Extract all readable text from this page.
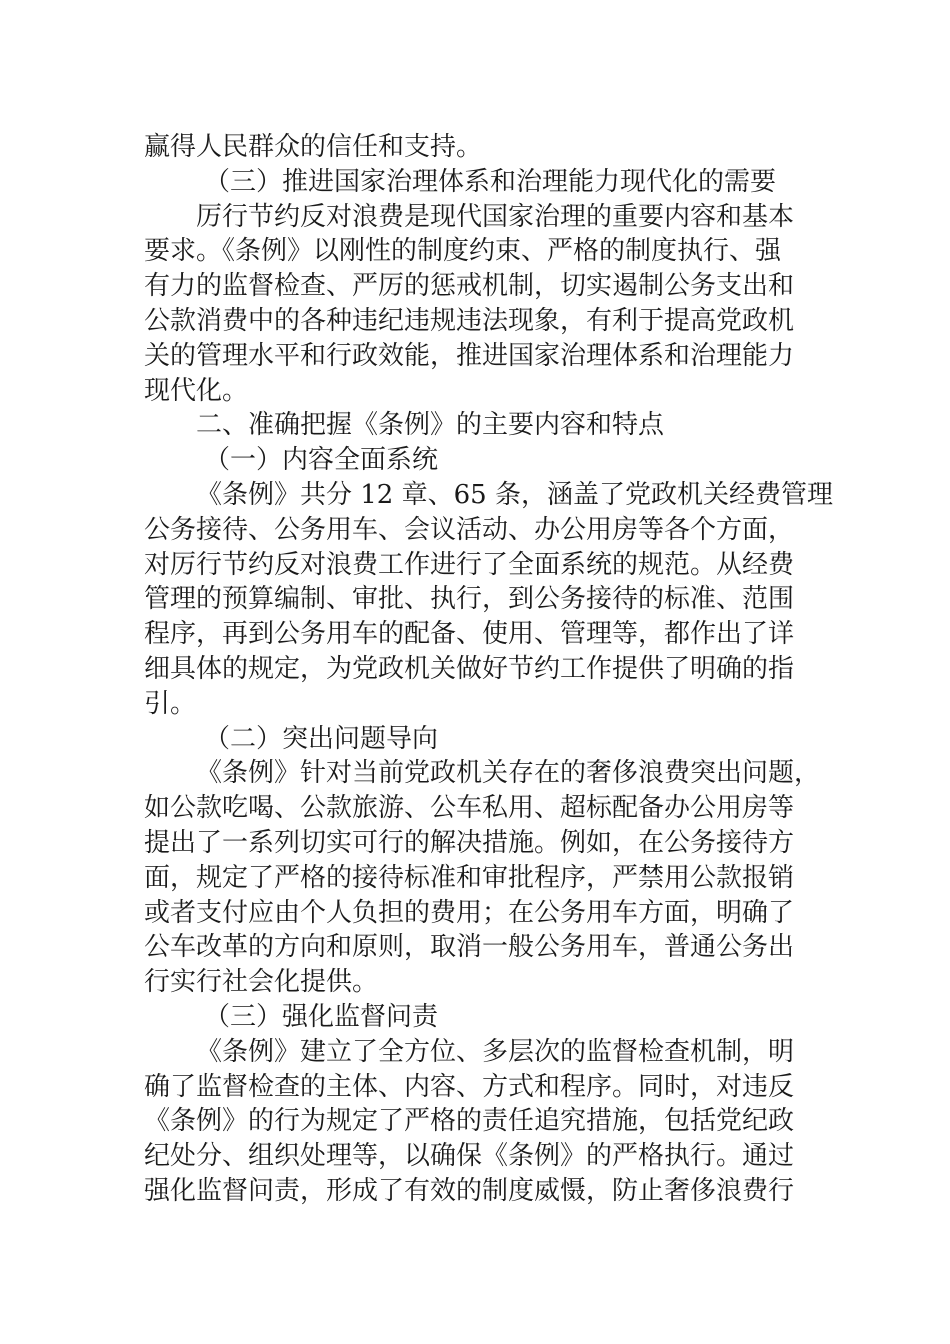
赢得人民群众的信任和支持。
（三）推进国家治理体系和治理能力现代化的需要
厉行节约反对浪费是现代国家治理的重要内容和基本
要求。《条例》以刚性的制度约束、严格的制度执行、强
有力的监督检查、严厉的惩戒机制，切实遏制公务支出和
公款消费中的各种违纪违规违法现象，有利于提高党政机
关的管理水平和行政效能，推进国家治理体系和治理能力
现代化。
二、准确把握《条例》的主要内容和特点
（一）内容全面系统
《条例》共分 12 章、65 条，涵盖了党政机关经费管理
公务接待、公务用车、会议活动、办公用房等各个方面，
对厉行节约反对浪费工作进行了全面系统的规范。从经费
管理的预算编制、审批、执行，到公务接待的标准、范围
程序，再到公务用车的配备、使用、管理等，都作出了详
细具体的规定，为党政机关做好节约工作提供了明确的指
引。
（二）突出问题导向
《条例》针对当前党政机关存在的奢侈浪费突出问题，
如公款吃喝、公款旅游、公车私用、超标配备办公用房等
提出了一系列切实可行的解决措施。例如，在公务接待方
面，规定了严格的接待标准和审批程序，严禁用公款报销
或者支付应由个人负担的费用；在公务用车方面，明确了
公车改革的方向和原则，取消一般公务用车，普通公务出
行实行社会化提供。
（三）强化监督问责
《条例》建立了全方位、多层次的监督检查机制，明
确了监督检查的主体、内容、方式和程序。同时，对违反
《条例》的行为规定了严格的责任追究措施，包括党纪政
纪处分、组织处理等，以确保《条例》的严格执行。通过
强化监督问责，形成了有效的制度威慑，防止奢侈浪费行
